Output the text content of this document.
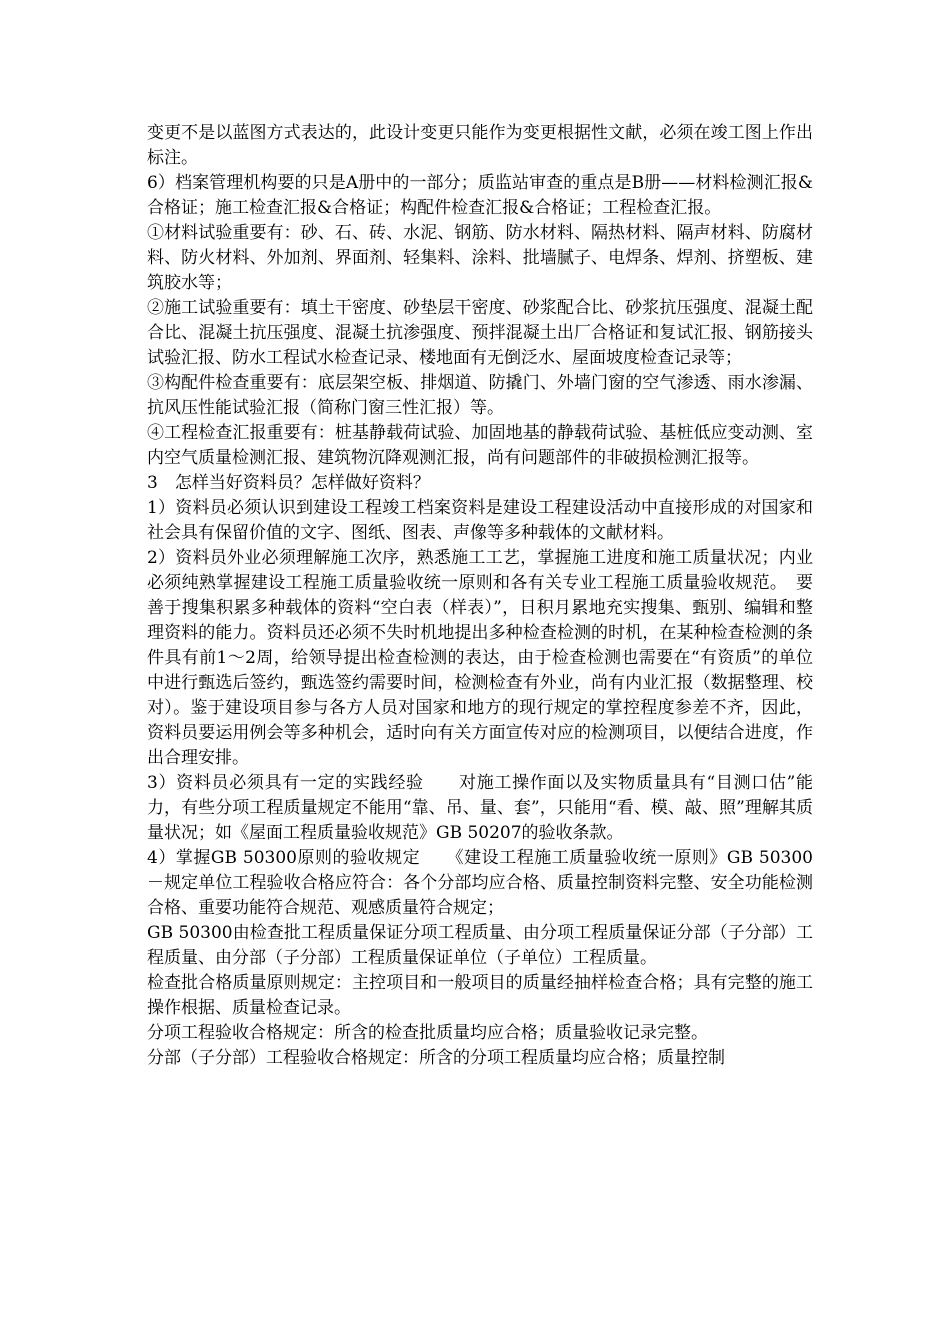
变更不是以蓝图方式表达的，此设计变更只能作为变更根据性文献，必须在竣工图上作出标注。

6）档案管理机构要的只是A册中的一部分；质监站审查的重点是B册——材料检测汇报&合格证；施工检查汇报&合格证；构配件检查汇报&合格证；工程检查汇报。

①材料试验重要有：砂、石、砖、水泥、钢筋、防水材料、隔热材料、隔声材料、防腐材料、防火材料、外加剂、界面剂、轻集料、涂料、批墙腻子、电焊条、焊剂、挤塑板、建筑胶水等；

②施工试验重要有：填土干密度、砂垫层干密度、砂浆配合比、砂浆抗压强度、混凝土配合比、混凝土抗压强度、混凝土抗渗强度、预拌混凝土出厂合格证和复试汇报、钢筋接头试验汇报、防水工程试水检查记录、楼地面有无倒泛水、屋面坡度检查记录等；

③构配件检查重要有：底层架空板、排烟道、防撬门、外墙门窗的空气渗透、雨水渗漏、抗风压性能试验汇报（简称门窗三性汇报）等。

④工程检查汇报重要有：桩基静载荷试验、加固地基的静载荷试验、基桩低应变动测、室内空气质量检测汇报、建筑物沉降观测汇报，尚有问题部件的非破损检测汇报等。

3　怎样当好资料员？怎样做好资料？

1）资料员必须认识到建设工程竣工档案资料是建设工程建设活动中直接形成的对国家和社会具有保留价值的文字、图纸、图表、声像等多种载体的文献材料。

2）资料员外业必须理解施工次序，熟悉施工工艺，掌握施工进度和施工质量状况；内业必须纯熟掌握建设工程施工质量验收统一原则和各有关专业工程施工质量验收规范。　要善于搜集积累多种载体的资料“空白表（样表）”，日积月累地充实搜集、甄别、编辑和整理资料的能力。资料员还必须不失时机地提出多种检查检测的时机，在某种检查检测的条件具有前1～2周，给领导提出检查检测的表达，由于检查检测也需要在“有资质”的单位中进行甄选后签约，甄选签约需要时间，检测检查有外业，尚有内业汇报（数据整理、校对）。鉴于建设项目参与各方人员对国家和地方的现行规定的掌控程度参差不齐，因此，资料员要运用例会等多种机会，适时向有关方面宣传对应的检测项目，以便结合进度，作出合理安排。

3）资料员必须具有一定的实践经验　　对施工操作面以及实物质量具有“目测口估”能力，有些分项工程质量规定不能用“靠、吊、量、套”，只能用“看、模、敲、照”理解其质量状况；如《屋面工程质量验收规范》GB 50207的验收条款。

4）掌握GB 50300原则的验收规定　　《建设工程施工质量验收统一原则》GB 50300－规定单位工程验收合格应符合：各个分部均应合格、质量控制资料完整、安全功能检测合格、重要功能符合规范、观感质量符合规定；

GB 50300由检查批工程质量保证分项工程质量、由分项工程质量保证分部（子分部）工程质量、由分部（子分部）工程质量保证单位（子单位）工程质量。

检查批合格质量原则规定：主控项目和一般项目的质量经抽样检查合格；具有完整的施工操作根据、质量检查记录。

分项工程验收合格规定：所含的检查批质量均应合格；质量验收记录完整。

分部（子分部）工程验收合格规定：所含的分项工程质量均应合格；质量控制
